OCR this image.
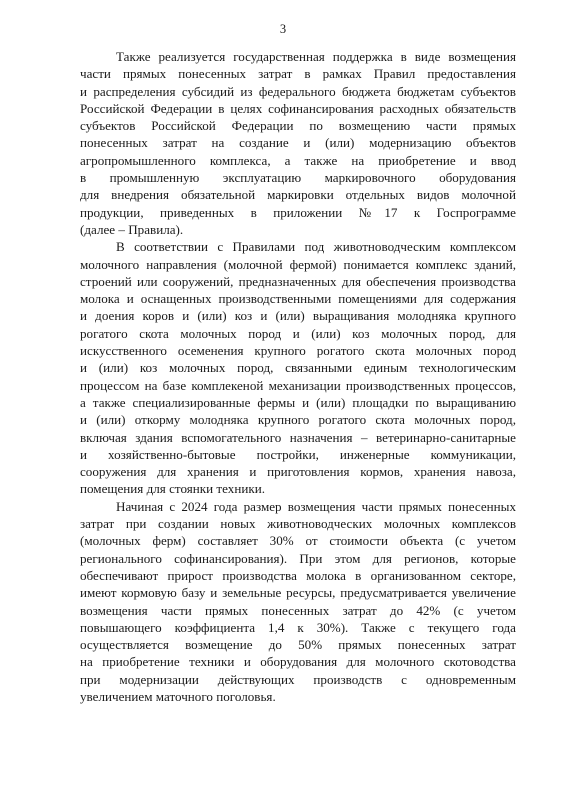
3
Также реализуется государственная поддержка в виде возмещения
части прямых понесенных затрат в рамках Правил предоставления
и распределения субсидий из федерального бюджета бюджетам субъектов
Российской Федерации в целях софинансирования расходных обязательств
субъектов Российской Федерации по возмещению части прямых
понесенных затрат на создание и (или) модернизацию объектов
агропромышленного комплекса, а также на приобретение и ввод
в промышленную эксплуатацию маркировочного оборудования
для внедрения обязательной маркировки отдельных видов молочной
продукции, приведенных в приложении №17 к Госпрограмме
(далее – Правила).
В соответствии с Правилами под животноводческим комплексом
молочного направления (молочной фермой) понимается комплекс зданий,
строений или сооружений, предназначенных для обеспечения производства
молока и оснащенных производственными помещениями для содержания
и доения коров и (или) коз и (или) выращивания молодняка крупного
рогатого скота молочных пород и (или) коз молочных пород, для
искусственного осеменения крупного рогатого скота молочных пород
и (или) коз молочных пород, связанными единым технологическим
процессом на базе комплекеной механизации производственных процессов,
а также специализированные фермы и (или) площадки по выращиванию
и (или) откорму молодняка крупного рогатого скота молочных пород,
включая здания вспомогательного назначения – ветеринарно-санитарные
и хозяйственно-бытовые постройки, инженерные коммуникации,
сооружения для хранения и приготовления кормов, хранения навоза,
помещения для стоянки техники.
Начиная с 2024 года размер возмещения части прямых понесенных
затрат при создании новых животноводческих молочных комплексов
(молочных ферм) составляет 30% от стоимости объекта (с учетом
регионального софинансирования). При этом для регионов, которые
обеспечивают прирост производства молока в организованном секторе,
имеют кормовую базу и земельные ресурсы, предусматривается увеличение
возмещения части прямых понесенных затрат до 42% (с учетом
повышающего коэффициента 1,4 к 30%). Также с текущего года
осуществляется возмещение до 50% прямых понесенных затрат
на приобретение техники и оборудования для молочного скотоводства
при модернизации действующих производств с одновременным
увеличением маточного поголовья.
